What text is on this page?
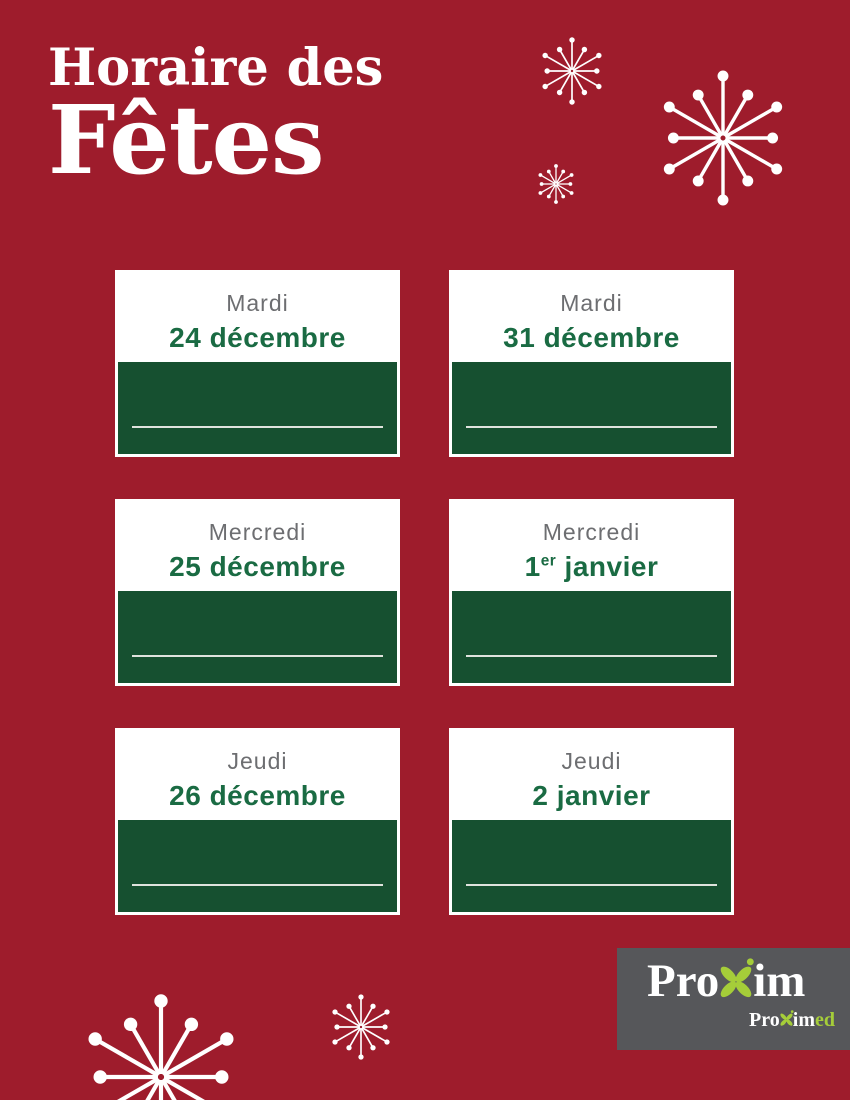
Horaire des
Fêtes
Mardi
24 décembre
Mardi
31 décembre
Mercredi
25 décembre
Mercredi
1er janvier
Jeudi
26 décembre
Jeudi
2 janvier
Pro im
Pro im ed
